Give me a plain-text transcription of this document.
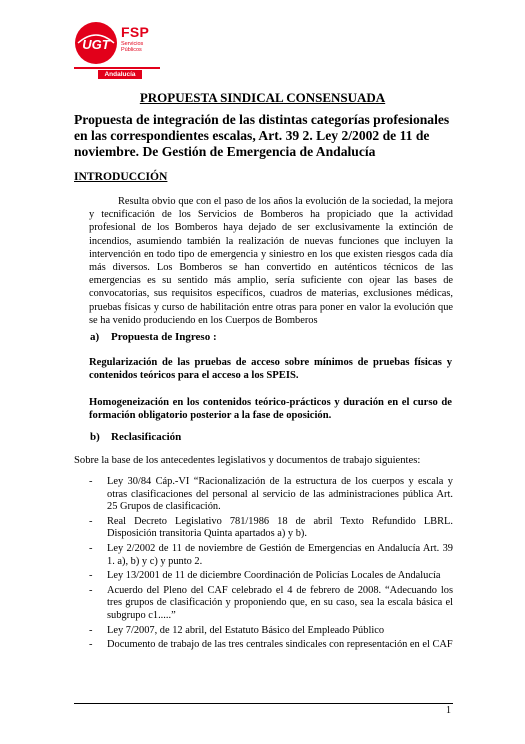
UGT
FSP
Servicios
Públicos
Andalucía
PROPUESTA SINDICAL CONSENSUADA
Propuesta de integración de las distintas categorías profesionales en las correspondientes escalas, Art. 39 2. Ley 2/2002 de 11 de noviembre. De Gestión de Emergencia de Andalucía
INTRODUCCIÓN
Resulta obvio que con el paso de los años la evolución de la sociedad, la mejora y tecnificación de los Servicios de Bomberos ha propiciado que la actividad profesional de los Bomberos haya dejado de ser exclusivamente la extinción de incendios, asumiendo también la realización de nuevas funciones que incluyen la intervención en todo tipo de emergencia y siniestro en los que existen riesgos cada día más diversos. Los Bomberos se han convertido en auténticos técnicos de las emergencias es su sentido más amplio, sería suficiente con ojear las bases de convocatorias, sus requisitos específicos, cuadros de materias, exclusiones médicas, pruebas físicas y curso de habilitación entre otras para poner en valor la evolución que se ha venido produciendo en los Cuerpos de Bomberos
a) Propuesta de Ingreso :
Regularización de las pruebas de acceso sobre mínimos de pruebas físicas y contenidos teóricos para el acceso a los SPEIS.
Homogeneización en los contenidos teórico-prácticos y duración en el curso de formación obligatorio posterior a la fase de oposición.
b) Reclasificación
Sobre la base de los antecedentes legislativos y documentos de trabajo siguientes:
- Ley 30/84 Cáp.-VI “Racionalización de la estructura de los cuerpos y escala y otras clasificaciones del personal al servicio de las administraciones pública Art. 25 Grupos de clasificación.
- Real Decreto Legislativo 781/1986 18 de abril Texto Refundido LBRL. Disposición transitoria Quinta apartados a) y b).
- Ley 2/2002 de 11 de noviembre de Gestión de Emergencias en Andalucía Art. 39 1. a), b) y c) y punto 2.
- Ley 13/2001 de 11 de diciembre Coordinación de Policías Locales de Andalucía
- Acuerdo del Pleno del CAF celebrado el 4 de febrero de 2008. “Adecuando los tres grupos de clasificación y proponiendo que, en su caso, sea la escala básica el subgrupo c1.....”
- Ley 7/2007, de 12 abril, del Estatuto Básico del Empleado Público
- Documento de trabajo de las tres centrales sindicales con representación en el CAF
1
